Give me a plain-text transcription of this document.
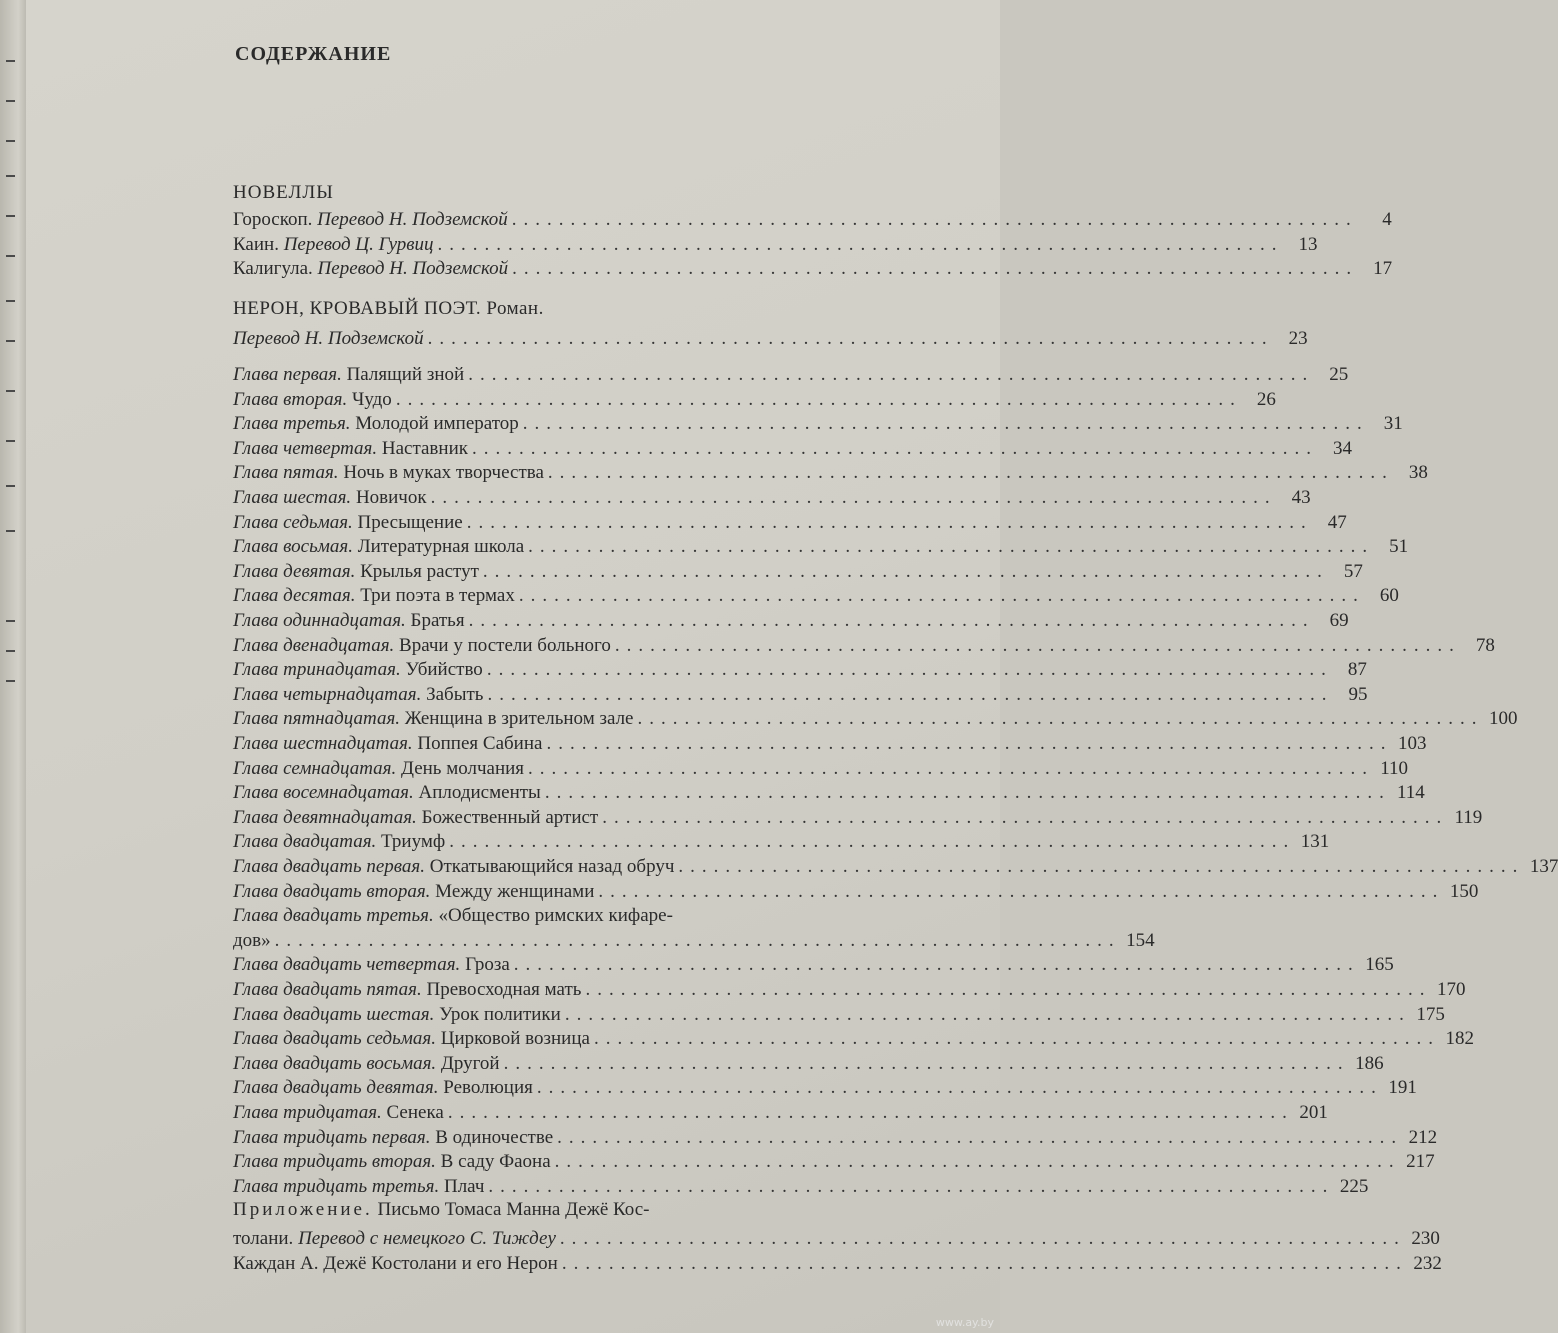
СОДЕРЖАНИЕ
НОВЕЛЛЫ
Гороскоп. Перевод Н. Подземской ........................................................................	4
Каин. Перевод Ц. Гурвиц ........................................................................ 13
Калигула. Перевод Н. Подземской ........................................................................ 17
НЕРОН, КРОВАВЫЙ ПОЭТ. Роман.
Перевод Н. Подземской ........................................................................ 23
Глава первая. Палящий зной ........................................................................ 25
Глава вторая. Чудо ........................................................................ 26
Глава третья. Молодой император ........................................................................ 31
Глава четвертая. Наставник ........................................................................ 34
Глава пятая. Ночь в муках творчества ........................................................................ 38
Глава шестая. Новичок ........................................................................ 43
Глава седьмая. Пресыщение ........................................................................ 47
Глава восьмая. Литературная школа ........................................................................ 51
Глава девятая. Крылья растут ........................................................................ 57
Глава десятая. Три поэта в термах ........................................................................ 60
Глава одиннадцатая. Братья ........................................................................ 69
Глава двенадцатая. Врачи у постели больного ........................................................................ 78
Глава тринадцатая. Убийство ........................................................................ 87
Глава четырнадцатая. Забыть ........................................................................ 95
Глава пятнадцатая. Женщина в зрительном зале ........................................................................ 100
Глава шестнадцатая. Поппея Сабина ........................................................................ 103
Глава семнадцатая. День молчания ........................................................................ 110
Глава восемнадцатая. Аплодисменты ........................................................................ 114
Глава девятнадцатая. Божественный артист ........................................................................ 119
Глава двадцатая. Триумф ........................................................................ 131
Глава двадцать первая. Откатывающийся назад обруч ........................................................................ 137
Глава двадцать вторая. Между женщинами ........................................................................ 150
Глава двадцать третья. «Общество римских кифаре-
дов» ........................................................................ 154
Глава двадцать четвертая. Гроза ........................................................................ 165
Глава двадцать пятая. Превосходная мать ........................................................................ 170
Глава двадцать шестая. Урок политики ........................................................................ 175
Глава двадцать седьмая. Цирковой возница ........................................................................ 182
Глава двадцать восьмая. Другой ........................................................................ 186
Глава двадцать девятая. Революция ........................................................................ 191
Глава тридцатая. Сенека ........................................................................ 201
Глава тридцать первая. В одиночестве ........................................................................ 212
Глава тридцать вторая. В саду Фаона ........................................................................ 217
Глава тридцать третья. Плач ........................................................................ 225
Приложение. Письмо Томаса Манна Дежё Кос-
толани. Перевод с немецкого С. Тиждеу ........................................................................ 230
Каждан А. Дежё Костолани и его Нерон ........................................................................ 232
www.ay.by
